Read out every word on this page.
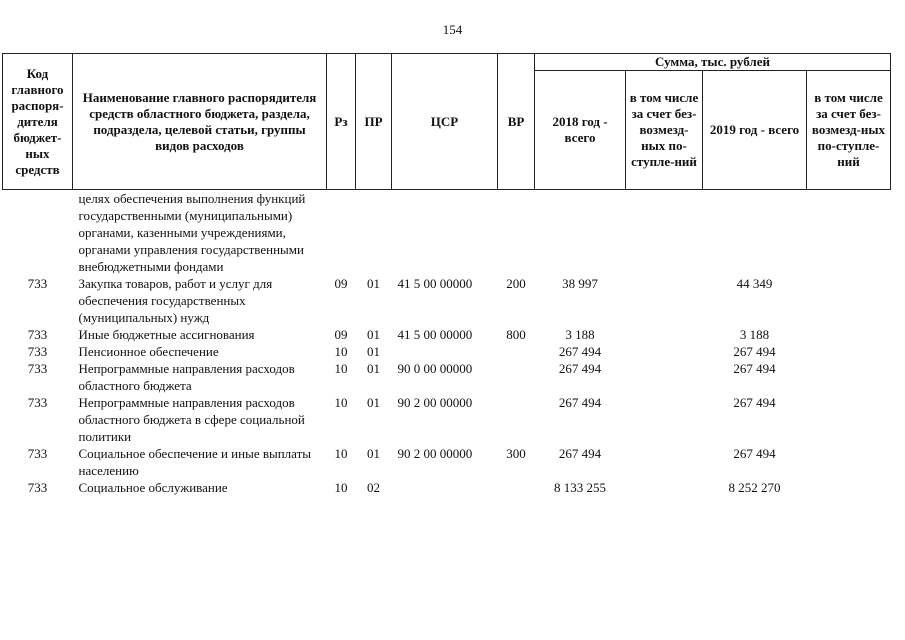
154
Код главного распоря-дителя бюджет-ных средств	Наименование главного распорядителя средств областного бюджета, раздела, подраздела, целевой статьи, группы видов расходов	Рз	ПР	ЦСР	ВР	Сумма, тыс. рублей			
						2018 год - всего	в том числе за счет без-возмезд-ных по-ступле-ний	2019 год - всего	в том числе за счет без-возмезд-ных по-ступле-ний
	целях обеспечения выполнения функций государственными (муниципальными) органами, казенными учреждениями, органами управления государственными внебюджетными фондами								
733	Закупка товаров, работ и услуг для обеспечения государственных (муниципальных) нужд	09	01	41 5 00 00000	200	38 997		44 349	
733	Иные бюджетные ассигнования	09	01	41 5 00 00000	800	3 188		3 188	
733	Пенсионное обеспечение	10	01			267 494		267 494	
733	Непрограммные направления расходов областного бюджета	10	01	90 0 00 00000		267 494		267 494	
733	Непрограммные направления расходов областного бюджета в сфере социальной политики	10	01	90 2 00 00000		267 494		267 494	
733	Социальное обеспечение и иные выплаты населению	10	01	90 2 00 00000	300	267 494		267 494	
733	Социальное обслуживание	10	02			8 133 255		8 252 270	
